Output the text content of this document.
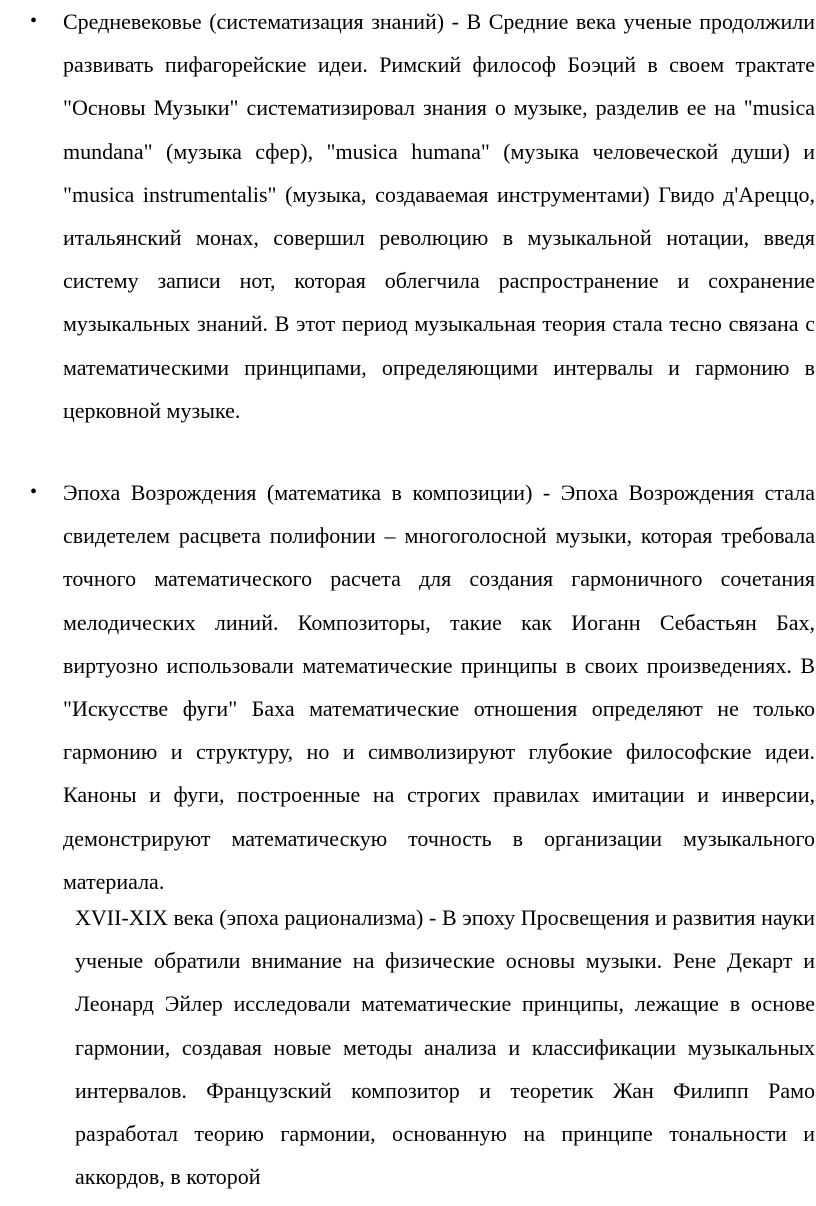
• Средневековье (систематизация знаний) - В Средние века ученые продолжили развивать пифагорейские идеи. Римский философ Боэций в своем трактате "Основы Музыки" систематизировал знания о музыке, разделив ее на "musica mundana" (музыка сфер), "musica humana" (музыка человеческой души) и "musica instrumentalis" (музыка, создаваемая инструментами) Гвидо д'Ареццо, итальянский монах, совершил революцию в музыкальной нотации, введя систему записи нот, которая облегчила распространение и сохранение музыкальных знаний. В этот период музыкальная теория стала тесно связана с математическими принципами, определяющими интервалы и гармонию в церковной музыке.

• Эпоха Возрождения (математика в композиции) - Эпоха Возрождения стала свидетелем расцвета полифонии – многоголосной музыки, которая требовала точного математического расчета для создания гармоничного сочетания мелодических линий. Композиторы, такие как Иоганн Себастьян Бах, виртуозно использовали математические принципы в своих произведениях. В "Искусстве фуги" Баха математические отношения определяют не только гармонию и структуру, но и символизируют глубокие философские идеи. Каноны и фуги, построенные на строгих правилах имитации и инверсии, демонстрируют математическую точность в организации музыкального материала.

XVII-XIX века (эпоха рационализма) - В эпоху Просвещения и развития науки ученые обратили внимание на физические основы музыки. Рене Декарт и Леонард Эйлер исследовали математические принципы, лежащие в основе гармонии, создавая новые методы анализа и классификации музыкальных интервалов. Французский композитор и теоретик Жан Филипп Рамо разработал теорию гармонии, основанную на принципе тональности и аккордов, в которой
